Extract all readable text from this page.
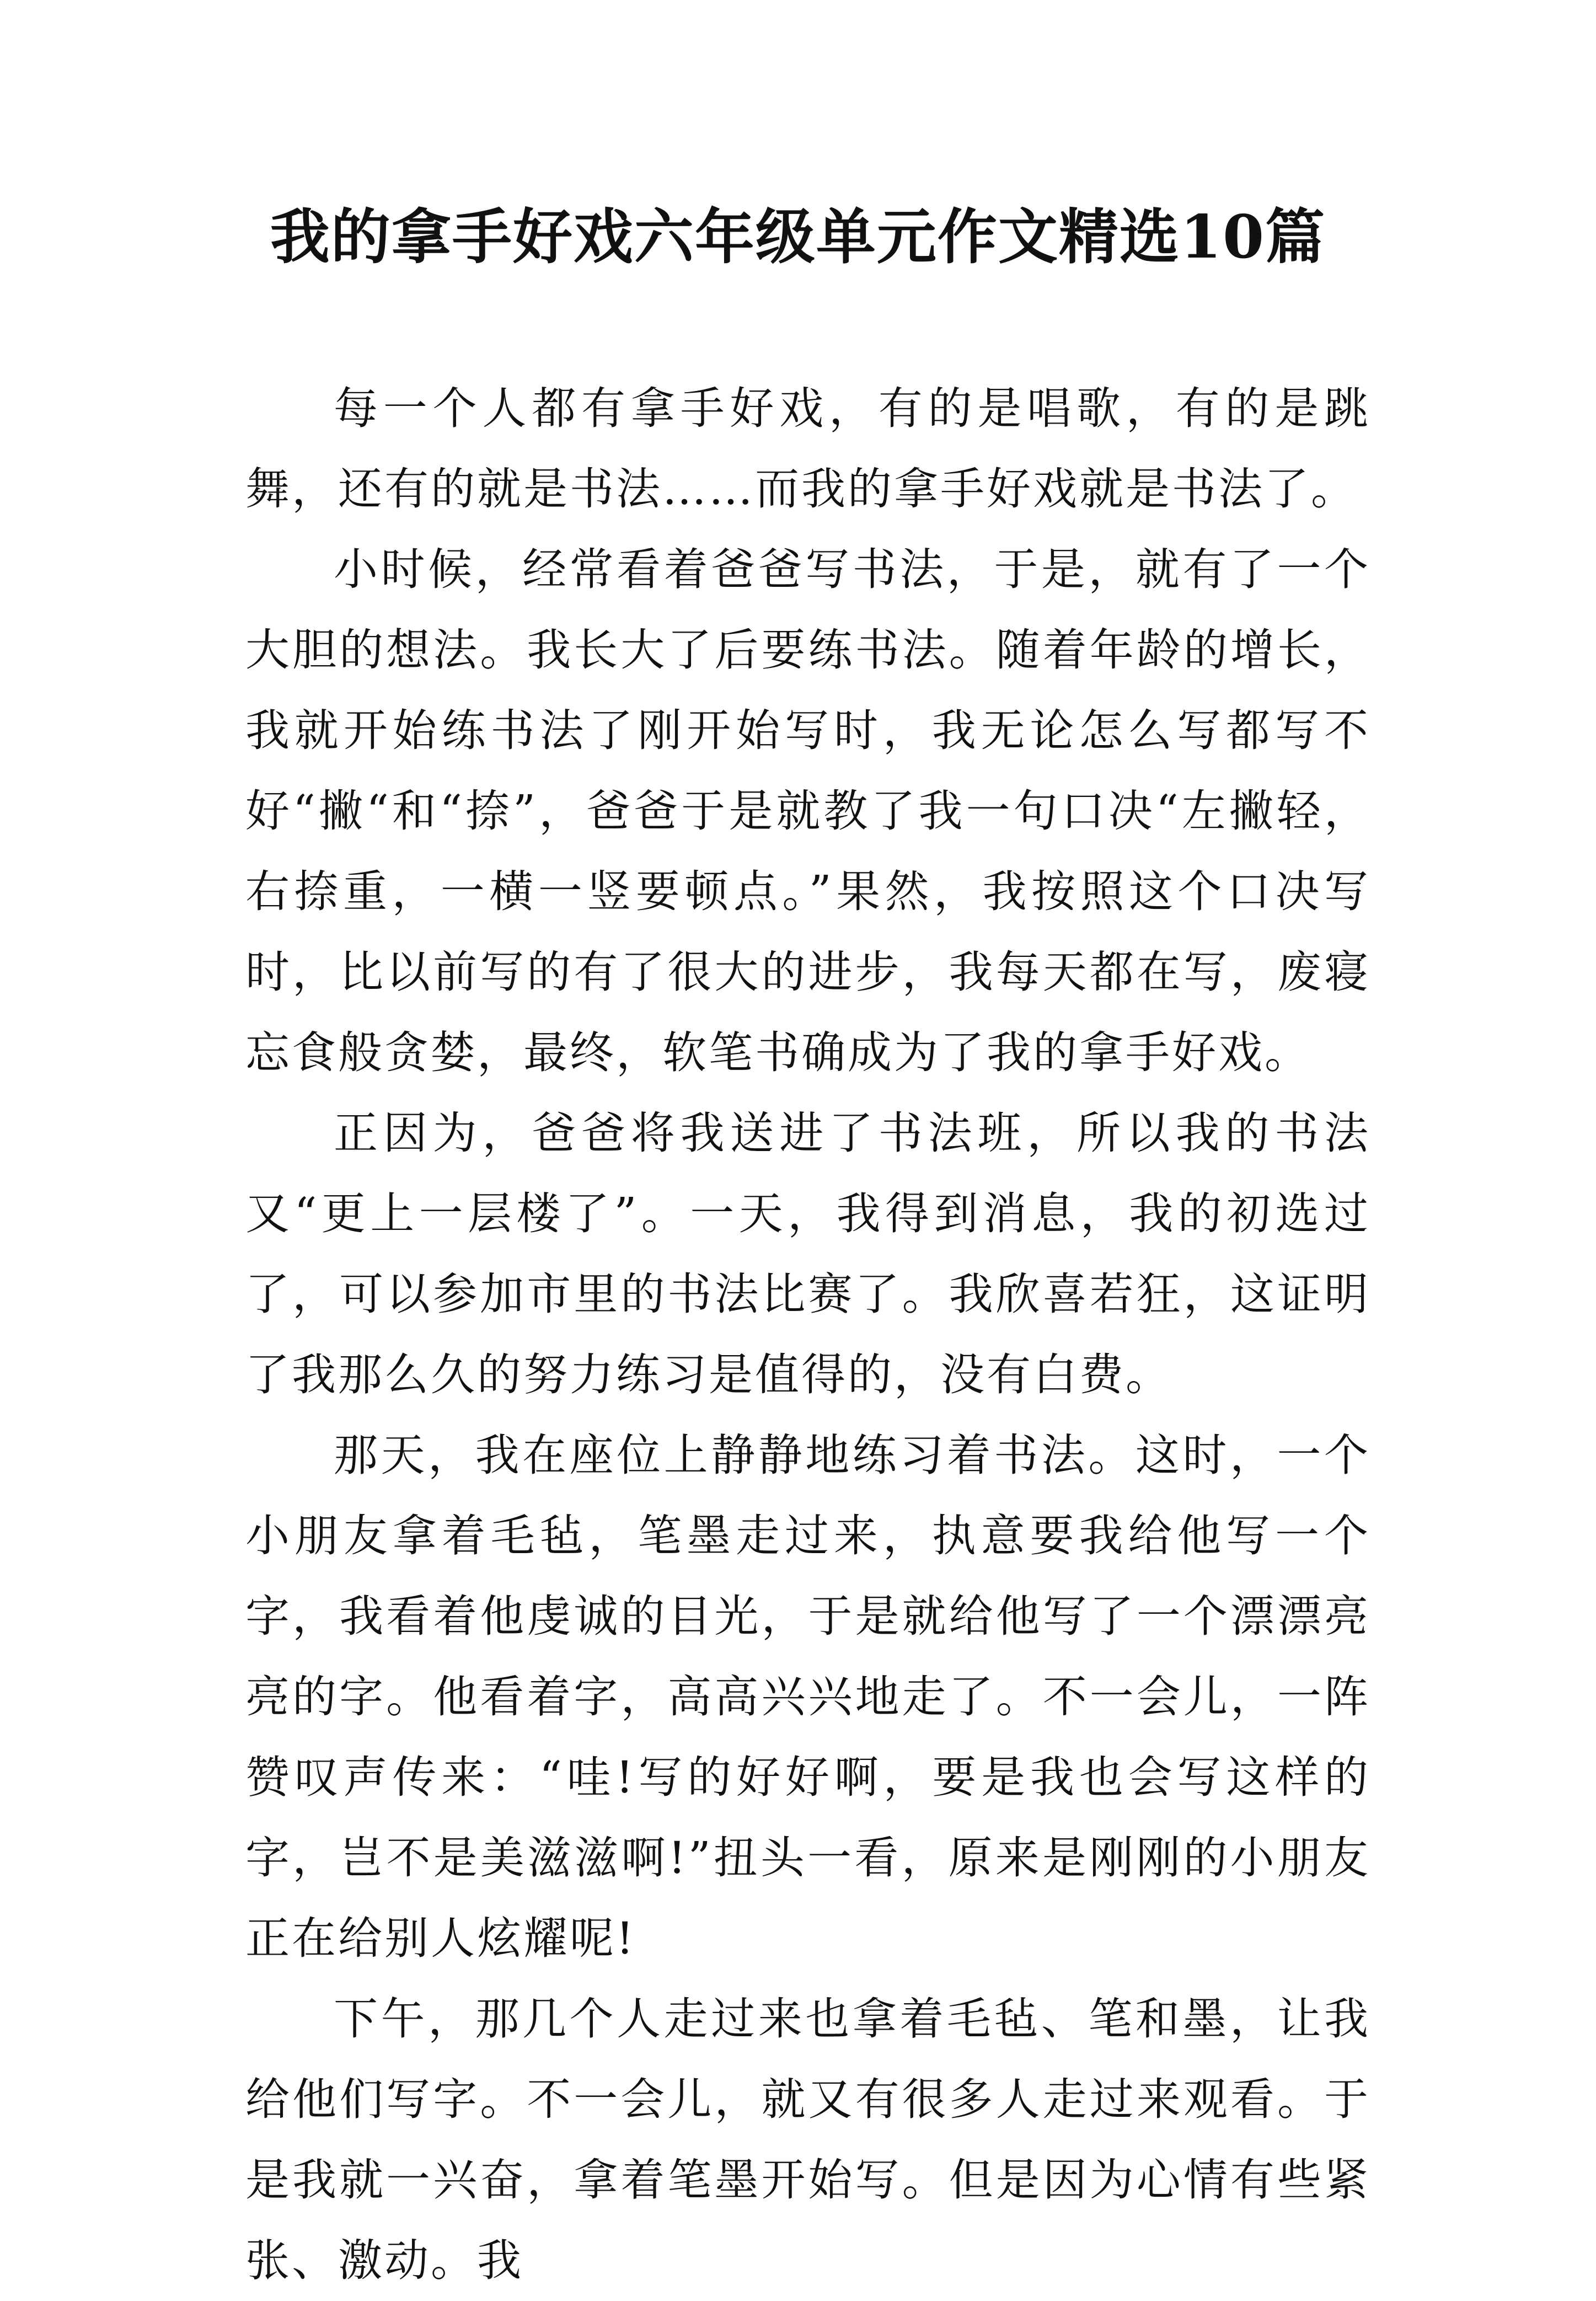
我的拿手好戏六年级单元作文精选10篇

每一个人都有拿手好戏，有的是唱歌，有的是跳舞，还有的就是书法……而我的拿手好戏就是书法了。

小时候，经常看着爸爸写书法，于是，就有了一个大胆的想法。我长大了后要练书法。随着年龄的增长，我就开始练书法了刚开始写时，我无论怎么写都写不好“撇“和“捺”，爸爸于是就教了我一句口决“左撇轻，右捺重，一横一竖要顿点。”果然，我按照这个口决写时，比以前写的有了很大的进步，我每天都在写，废寝忘食般贪婪，最终，软笔书确成为了我的拿手好戏。

正因为，爸爸将我送进了书法班，所以我的书法又“更上一层楼了”。一天，我得到消息，我的初选过了，可以参加市里的书法比赛了。我欣喜若狂，这证明了我那么久的努力练习是值得的，没有白费。

那天，我在座位上静静地练习着书法。这时，一个小朋友拿着毛毡，笔墨走过来，执意要我给他写一个字，我看着他虔诚的目光，于是就给他写了一个漂漂亮亮的字。他看着字，高高兴兴地走了。不一会儿，一阵赞叹声传来：“哇!写的好好啊，要是我也会写这样的字，岂不是美滋滋啊!”扭头一看，原来是刚刚的小朋友正在给别人炫耀呢!

下午，那几个人走过来也拿着毛毡、笔和墨，让我给他们写字。不一会儿，就又有很多人走过来观看。于是我就一兴奋，拿着笔墨开始写。但是因为心情有些紧张、激动。我
